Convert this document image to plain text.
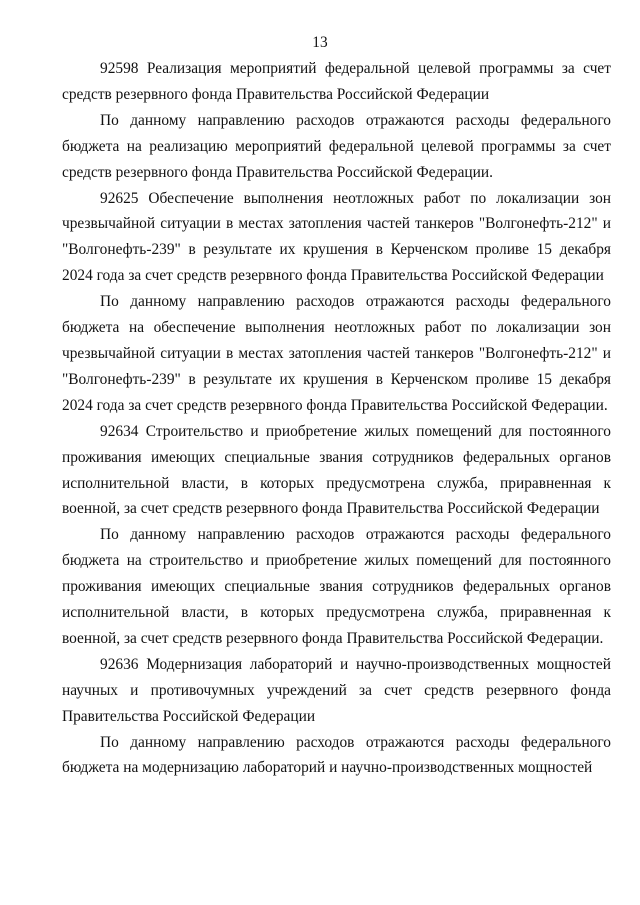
13

92598 Реализация мероприятий федеральной целевой программы за счет средств резервного фонда Правительства Российской Федерации

По данному направлению расходов отражаются расходы федерального бюджета на реализацию мероприятий федеральной целевой программы за счет средств резервного фонда Правительства Российской Федерации.

92625 Обеспечение выполнения неотложных работ по локализации зон чрезвычайной ситуации в местах затопления частей танкеров "Волгонефть-212" и "Волгонефть-239" в результате их крушения в Керченском проливе 15 декабря 2024 года за счет средств резервного фонда Правительства Российской Федерации

По данному направлению расходов отражаются расходы федерального бюджета на обеспечение выполнения неотложных работ по локализации зон чрезвычайной ситуации в местах затопления частей танкеров "Волгонефть-212" и "Волгонефть-239" в результате их крушения в Керченском проливе 15 декабря 2024 года за счет средств резервного фонда Правительства Российской Федерации.

92634 Строительство и приобретение жилых помещений для постоянного проживания имеющих специальные звания сотрудников федеральных органов исполнительной власти, в которых предусмотрена служба, приравненная к военной, за счет средств резервного фонда Правительства Российской Федерации

По данному направлению расходов отражаются расходы федерального бюджета на строительство и приобретение жилых помещений для постоянного проживания имеющих специальные звания сотрудников федеральных органов исполнительной власти, в которых предусмотрена служба, приравненная к военной, за счет средств резервного фонда Правительства Российской Федерации.

92636 Модернизация лабораторий и научно-производственных мощностей научных и противочумных учреждений за счет средств резервного фонда Правительства Российской Федерации

По данному направлению расходов отражаются расходы федерального бюджета на модернизацию лабораторий и научно-производственных мощностей
